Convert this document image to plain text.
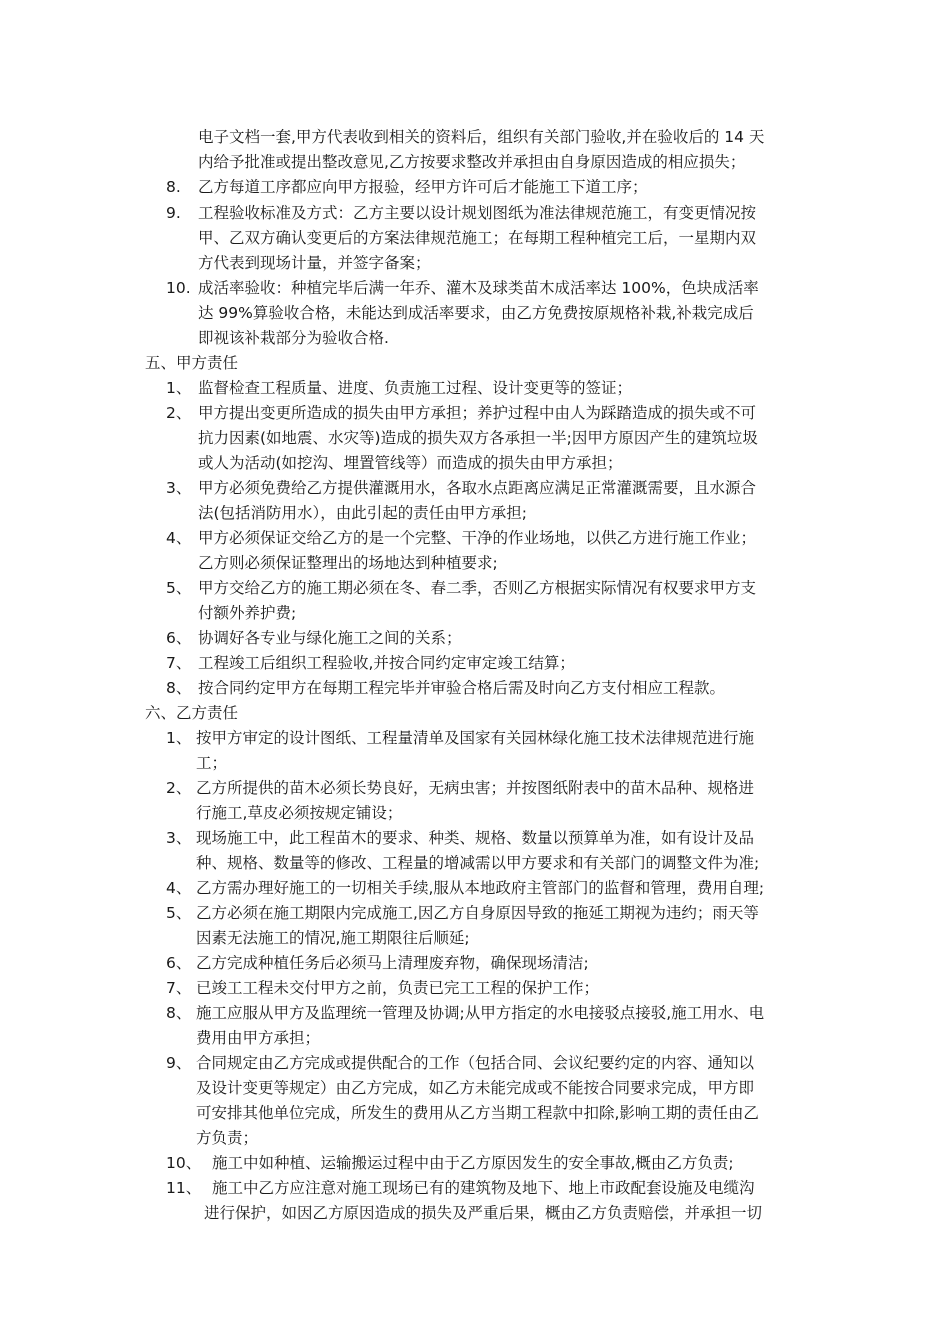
电子文档一套,甲方代表收到相关的资料后，组织有关部门验收,并在验收后的 14 天
内给予批准或提出整改意见,乙方按要求整改并承担由自身原因造成的相应损失；
8. 乙方每道工序都应向甲方报验，经甲方许可后才能施工下道工序；
9. 工程验收标准及方式：乙方主要以设计规划图纸为准法律规范施工，有变更情况按
甲、乙双方确认变更后的方案法律规范施工；在每期工程种植完工后，一星期内双
方代表到现场计量，并签字备案；
10. 成活率验收：种植完毕后满一年乔、灌木及球类苗木成活率达 100%，色块成活率
达 99%算验收合格，未能达到成活率要求，由乙方免费按原规格补栽,补栽完成后
即视该补栽部分为验收合格.
五、甲方责任
1、 监督检查工程质量、进度、负责施工过程、设计变更等的签证；
2、 甲方提出变更所造成的损失由甲方承担；养护过程中由人为踩踏造成的损失或不可
抗力因素(如地震、水灾等)造成的损失双方各承担一半;因甲方原因产生的建筑垃圾
或人为活动(如挖沟、埋置管线等）而造成的损失由甲方承担；
3、 甲方必须免费给乙方提供灌溉用水，各取水点距离应满足正常灌溉需要，且水源合
法(包括消防用水），由此引起的责任由甲方承担;
4、 甲方必须保证交给乙方的是一个完整、干净的作业场地，以供乙方进行施工作业；
乙方则必须保证整理出的场地达到种植要求;
5、 甲方交给乙方的施工期必须在冬、春二季，否则乙方根据实际情况有权要求甲方支
付额外养护费;
6、 协调好各专业与绿化施工之间的关系；
7、 工程竣工后组织工程验收,并按合同约定审定竣工结算；
8、 按合同约定甲方在每期工程完毕并审验合格后需及时向乙方支付相应工程款。
六、乙方责任
1、 按甲方审定的设计图纸、工程量清单及国家有关园林绿化施工技术法律规范进行施
工；
2、 乙方所提供的苗木必须长势良好，无病虫害；并按图纸附表中的苗木品种、规格进
行施工,草皮必须按规定铺设；
3、 现场施工中，此工程苗木的要求、种类、规格、数量以预算单为准，如有设计及品
种、规格、数量等的修改、工程量的增减需以甲方要求和有关部门的调整文件为准;
4、 乙方需办理好施工的一切相关手续,服从本地政府主管部门的监督和管理，费用自理;
5、 乙方必须在施工期限内完成施工,因乙方自身原因导致的拖延工期视为违约；雨天等
因素无法施工的情况,施工期限往后顺延;
6、 乙方完成种植任务后必须马上清理废弃物，确保现场清洁;
7、 已竣工工程未交付甲方之前，负责已完工工程的保护工作；
8、 施工应服从甲方及监理统一管理及协调;从甲方指定的水电接驳点接驳,施工用水、电
费用由甲方承担；
9、 合同规定由乙方完成或提供配合的工作（包括合同、会议纪要约定的内容、通知以
及设计变更等规定）由乙方完成，如乙方未能完成或不能按合同要求完成，甲方即
可安排其他单位完成，所发生的费用从乙方当期工程款中扣除,影响工期的责任由乙
方负责；
10、 施工中如种植、运输搬运过程中由于乙方原因发生的安全事故,概由乙方负责;
11、 施工中乙方应注意对施工现场已有的建筑物及地下、地上市政配套设施及电缆沟
进行保护，如因乙方原因造成的损失及严重后果，概由乙方负责赔偿，并承担一切
